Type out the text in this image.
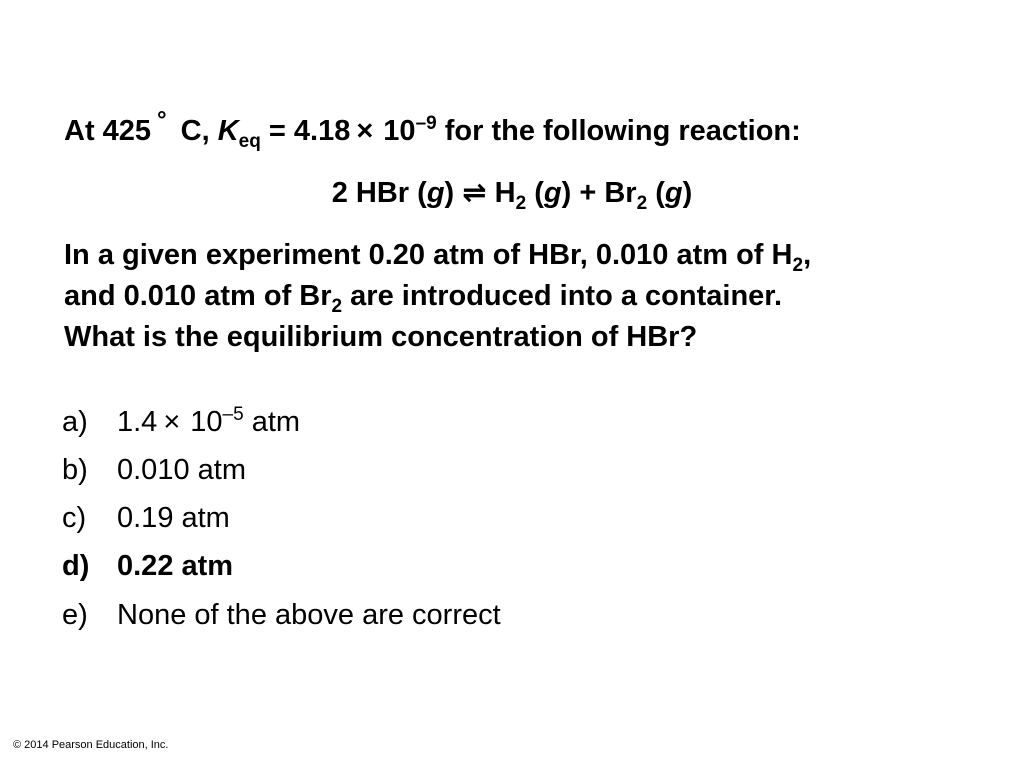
At 425 ° C, $K_{eq} = 4.18 \times 10^{-9}$ for the following reaction:
2 HBr (g) ⇌ $H_2$ $(g) + Br_2$ (g)
In a given experiment 0.20 atm of HBr, 0.010 atm of $H_2$,
and 0.010 atm of $Br_2$ are introduced into a container.
What is the equilibrium concentration of HBr?
a) $1.4 \times 10^{-5}$ atm
b) 0.010 atm
c) 0.19 atm
d) 0.22 atm
e) None of the above are correct
© 2014 Pearson Education, Inc.
